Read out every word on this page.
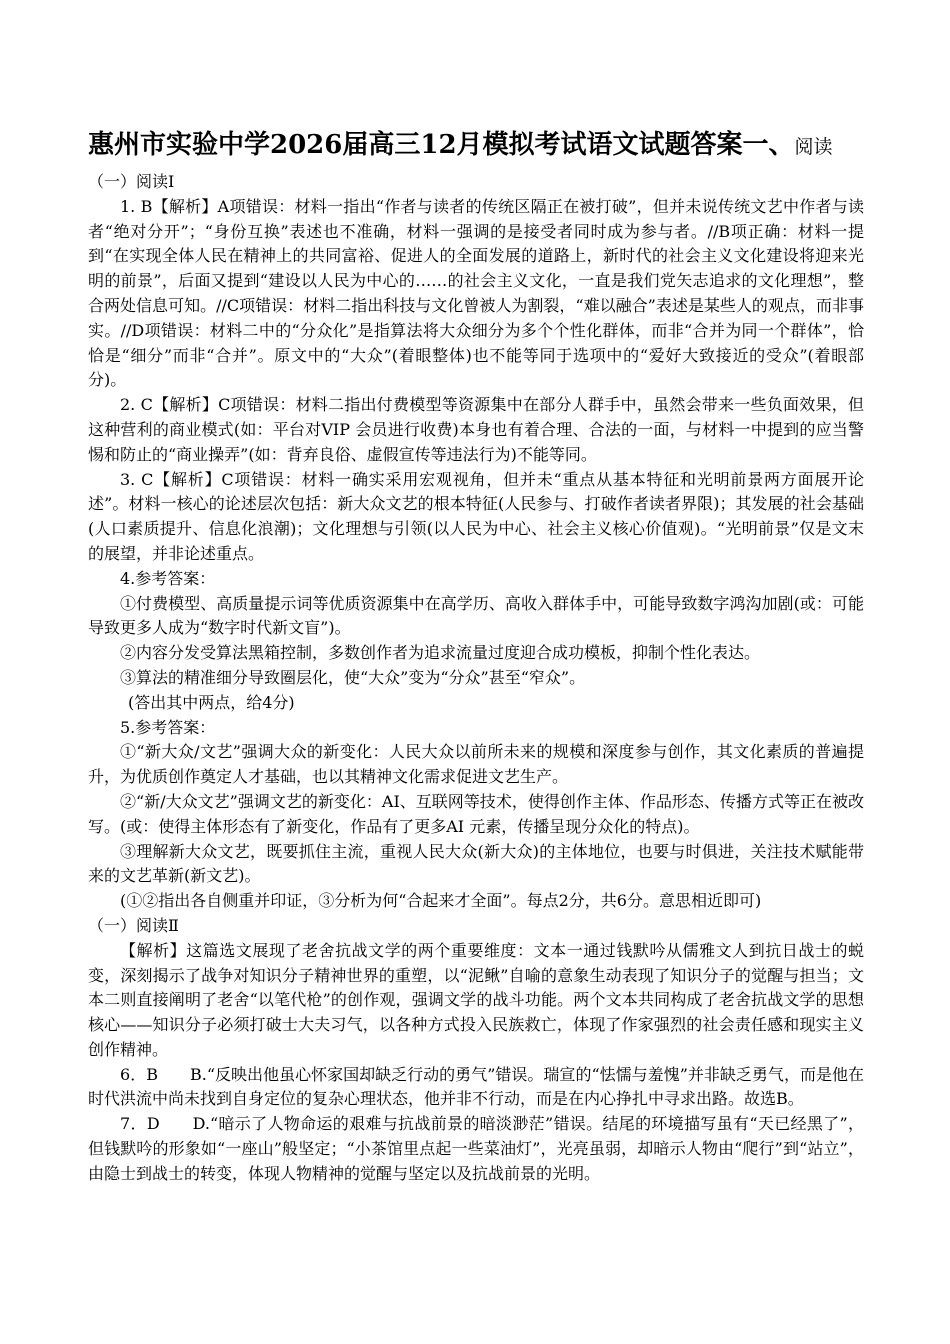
惠州市实验中学2026届高三12月模拟考试语文试题答案一、阅读

（一）阅读Ⅰ

1. B【解析】A项错误：材料一指出“作者与读者的传统区隔正在被打破”，但并未说传统文艺中作者与读者“绝对分开”；“身份互换”表述也不准确，材料一强调的是接受者同时成为参与者。//B项正确：材料一提到“在实现全体人民在精神上的共同富裕、促进人的全面发展的道路上，新时代的社会主义文化建设将迎来光明的前景”，后面又提到“建设以人民为中心的……的社会主义文化，一直是我们党矢志追求的文化理想”，整合两处信息可知。//C项错误：材料二指出科技与文化曾被人为割裂，“难以融合”表述是某些人的观点，而非事实。//D项错误：材料二中的“分众化”是指算法将大众细分为多个个性化群体，而非“合并为同一个群体”，恰恰是“细分”而非“合并”。原文中的“大众”(着眼整体)也不能等同于选项中的“爱好大致接近的受众”(着眼部分)。

2. C【解析】C项错误：材料二指出付费模型等资源集中在部分人群手中，虽然会带来一些负面效果，但这种营利的商业模式(如：平台对VIP 会员进行收费)本身也有着合理、合法的一面，与材料一中提到的应当警惕和防止的“商业操弄”(如：背弃良俗、虚假宣传等违法行为)不能等同。

3. C【解析】C项错误：材料一确实采用宏观视角，但并未“重点从基本特征和光明前景两方面展开论述”。材料一核心的论述层次包括：新大众文艺的根本特征(人民参与、打破作者读者界限)；其发展的社会基础(人口素质提升、信息化浪潮)；文化理想与引领(以人民为中心、社会主义核心价值观)。“光明前景”仅是文末的展望，并非论述重点。

4.参考答案：

①付费模型、高质量提示词等优质资源集中在高学历、高收入群体手中，可能导致数字鸿沟加剧(或：可能导致更多人成为“数字时代新文盲”)。

②内容分发受算法黑箱控制，多数创作者为追求流量过度迎合成功模板，抑制个性化表达。

③算法的精准细分导致圈层化，使“大众”变为“分众”甚至“窄众”。

(答出其中两点，给4分)

5.参考答案：

①“新大众/文艺”强调大众的新变化：人民大众以前所未来的规模和深度参与创作，其文化素质的普遍提升，为优质创作奠定人才基础，也以其精神文化需求促进文艺生产。

②“新/大众文艺”强调文艺的新变化：AI、互联网等技术，使得创作主体、作品形态、传播方式等正在被改写。(或：使得主体形态有了新变化，作品有了更多AI 元素，传播呈现分众化的特点)。

③理解新大众文艺，既要抓住主流，重视人民大众(新大众)的主体地位，也要与时俱进，关注技术赋能带来的文艺革新(新文艺)。

(①②指出各自侧重并印证，③分析为何“合起来才全面”。每点2分，共6分。意思相近即可)

（一）阅读Ⅱ

【解析】这篇选文展现了老舍抗战文学的两个重要维度：文本一通过钱默吟从儒雅文人到抗日战士的蜕变，深刻揭示了战争对知识分子精神世界的重塑，以“泥鳅”自喻的意象生动表现了知识分子的觉醒与担当；文本二则直接阐明了老舍“以笔代枪”的创作观，强调文学的战斗功能。两个文本共同构成了老舍抗战文学的思想核心——知识分子必须打破士大夫习气，以各种方式投入民族救亡，体现了作家强烈的社会责任感和现实主义创作精神。

6．B　　B.“反映出他虽心怀家国却缺乏行动的勇气”错误。瑞宣的“怯懦与羞愧”并非缺乏勇气，而是他在时代洪流中尚未找到自身定位的复杂心理状态，他并非不行动，而是在内心挣扎中寻求出路。故选B。

7．D　　D.“暗示了人物命运的艰难与抗战前景的暗淡渺茫”错误。结尾的环境描写虽有“天已经黑了”，但钱默吟的形象如“一座山”般坚定；“小茶馆里点起一些菜油灯”，光亮虽弱，却暗示人物由“爬行”到“站立”，由隐士到战士的转变，体现人物精神的觉醒与坚定以及抗战前景的光明。
